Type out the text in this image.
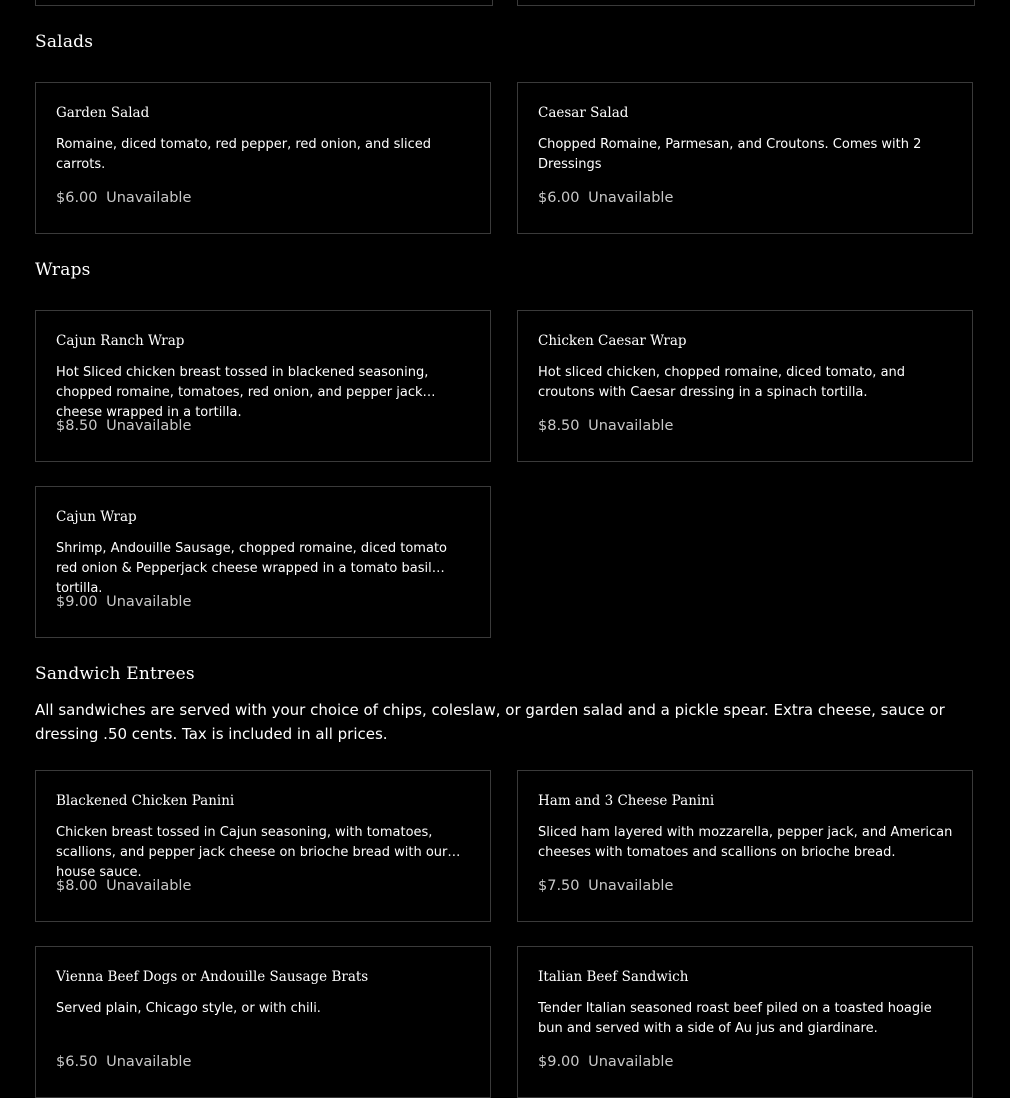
Salads
Garden Salad

Romaine, diced tomato, red pepper, red onion, and sliced carrots.

$6.00 Unavailable
Caesar Salad

Chopped Romaine, Parmesan, and Croutons. Comes with 2 Dressings

$6.00 Unavailable
Wraps
Cajun Ranch Wrap

Hot Sliced chicken breast tossed in blackened seasoning, chopped romaine, tomatoes, red onion, and pepper jack cheese wrapped in a tortilla.

$8.50 Unavailable
Chicken Caesar Wrap

Hot sliced chicken, chopped romaine, diced tomato, and croutons with Caesar dressing in a spinach tortilla.

$8.50 Unavailable
Cajun Wrap

Shrimp, Andouille Sausage, chopped romaine, diced tomato red onion & Pepperjack cheese wrapped in a tomato basil tortilla.

$9.00 Unavailable
Sandwich Entrees

All sandwiches are served with your choice of chips, coleslaw, or garden salad and a pickle spear. Extra cheese, sauce or dressing .50 cents. Tax is included in all prices.

Blackened Chicken Panini

Chicken breast tossed in Cajun seasoning, with tomatoes, scallions, and pepper jack cheese on brioche bread with our house sauce.

$8.00 Unavailable
Ham and 3 Cheese Panini

Sliced ham layered with mozzarella, pepper jack, and American cheeses with tomatoes and scallions on brioche bread.

$7.50 Unavailable
Vienna Beef Dogs or Andouille Sausage Brats

Served plain, Chicago style, or with chili.

$6.50 Unavailable
Italian Beef Sandwich

Tender Italian seasoned roast beef piled on a toasted hoagie bun and served with a side of Au jus and giardinare.

$9.00 Unavailable
